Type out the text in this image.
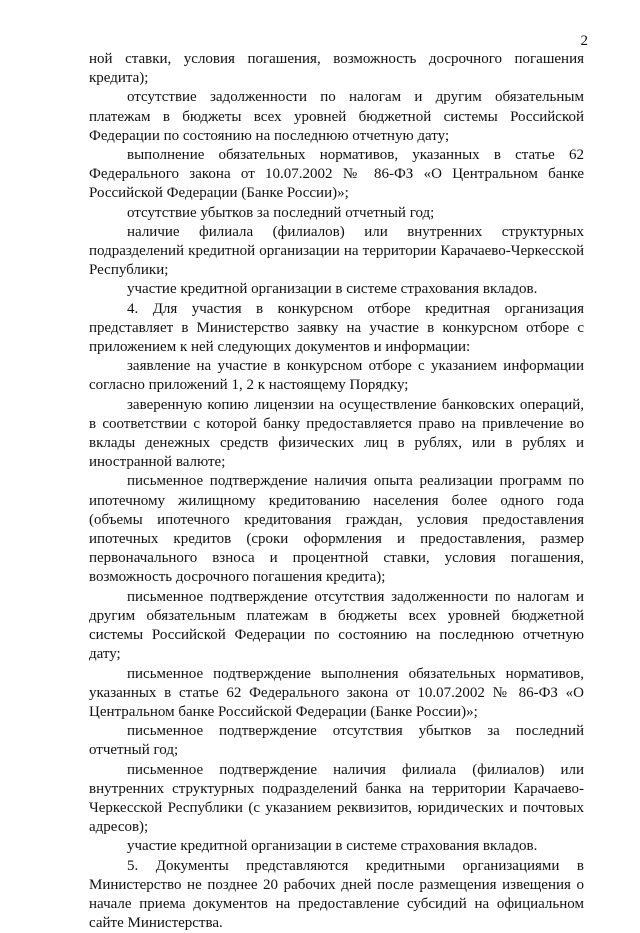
2

ной ставки, условия погашения, возможность досрочного погашения кредита);

отсутствие задолженности по налогам и другим обязательным платежам в бюджеты всех уровней бюджетной системы Российской Федерации по состоянию на последнюю отчетную дату;

выполнение обязательных нормативов, указанных в статье 62 Федерального закона от 10.07.2002 № 86-ФЗ «О Центральном банке Российской Федерации (Банке России)»;

отсутствие убытков за последний отчетный год;

наличие филиала (филиалов) или внутренних структурных подразделений кредитной организации на территории Карачаево-Черкесской Республики;

участие кредитной организации в системе страхования вкладов.

4. Для участия в конкурсном отборе кредитная организация представляет в Министерство заявку на участие в конкурсном отборе с приложением к ней следующих документов и информации:

заявление на участие в конкурсном отборе с указанием информации согласно приложений 1, 2 к настоящему Порядку;

заверенную копию лицензии на осуществление банковских операций, в соответствии с которой банку предоставляется право на привлечение во вклады денежных средств физических лиц в рублях, или в рублях и иностранной валюте;

письменное подтверждение наличия опыта реализации программ по ипотечному жилищному кредитованию населения более одного года (объемы ипотечного кредитования граждан, условия предоставления ипотечных кредитов (сроки оформления и предоставления, размер первоначального взноса и процентной ставки, условия погашения, возможность досрочного погашения кредита);

письменное подтверждение отсутствия задолженности по налогам и другим обязательным платежам в бюджеты всех уровней бюджетной системы Российской Федерации по состоянию на последнюю отчетную дату;

письменное подтверждение выполнения обязательных нормативов, указанных в статье 62 Федерального закона от 10.07.2002 № 86-ФЗ «О Центральном банке Российской Федерации (Банке России)»;

письменное подтверждение отсутствия убытков за последний отчетный год;

письменное подтверждение наличия филиала (филиалов) или внутренних структурных подразделений банка на территории Карачаево-Черкесской Республики (с указанием реквизитов, юридических и почтовых адресов);

участие кредитной организации в системе страхования вкладов.

5. Документы представляются кредитными организациями в Министерство не позднее 20 рабочих дней после размещения извещения о начале приема документов на предоставление субсидий на официальном сайте Министерства.
